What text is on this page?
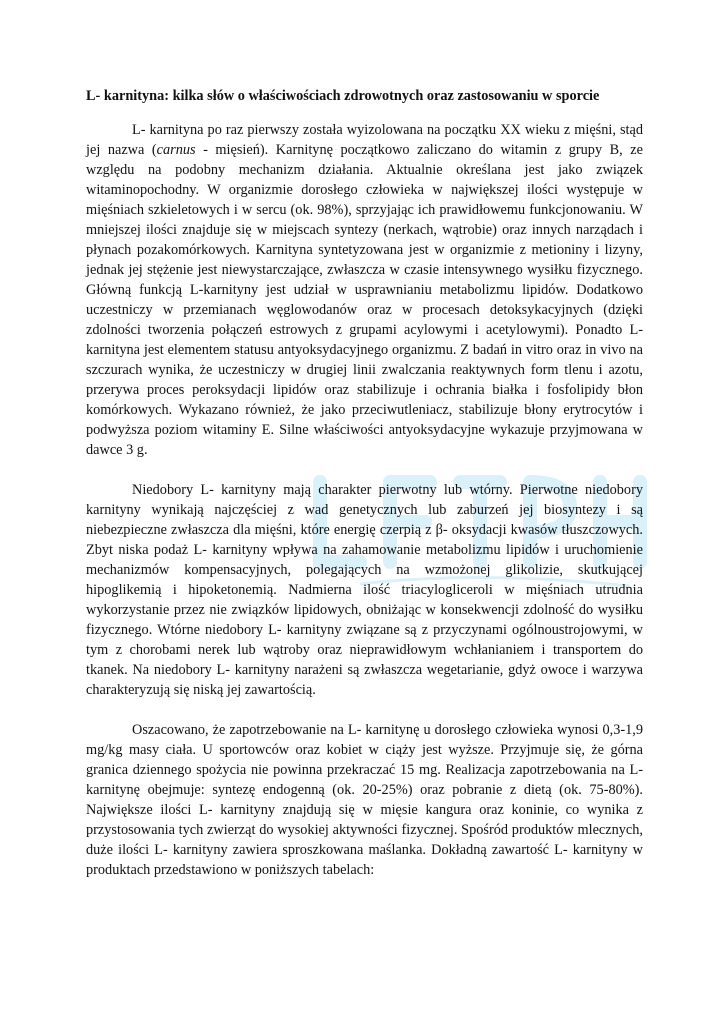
L- karnityna: kilka słów o właściwościach zdrowotnych oraz zastosowaniu w sporcie

L- karnityna po raz pierwszy została wyizolowana na początku XX wieku z mięśni, stąd jej nazwa (carnus - mięsień). Karnitynę początkowo zaliczano do witamin z grupy B, ze względu na podobny mechanizm działania. Aktualnie określana jest jako związek witaminopochodny. W organizmie dorosłego człowieka w największej ilości występuje w mięśniach szkieletowych i w sercu (ok. 98%), sprzyjając ich prawidłowemu funkcjonowaniu. W mniejszej ilości znajduje się w miejscach syntezy (nerkach, wątrobie) oraz innych narządach i płynach pozakomórkowych. Karnityna syntetyzowana jest w organizmie z metioniny i lizyny, jednak jej stężenie jest niewystarczające, zwłaszcza w czasie intensywnego wysiłku fizycznego. Główną funkcją L-karnityny jest udział w usprawnianiu metabolizmu lipidów. Dodatkowo uczestniczy w przemianach węglowodanów oraz w procesach detoksykacyjnych (dzięki zdolności tworzenia połączeń estrowych z grupami acylowymi i acetylowymi). Ponadto L- karnityna jest elementem statusu antyoksydacyjnego organizmu. Z badań in vitro oraz in vivo na szczurach wynika, że uczestniczy w drugiej linii zwalczania reaktywnych form tlenu i azotu, przerywa proces peroksydacji lipidów oraz stabilizuje i ochrania białka i fosfolipidy błon komórkowych. Wykazano również, że jako przeciwutleniacz, stabilizuje błony erytrocytów i podwyższa poziom witaminy E. Silne właściwości antyoksydacyjne wykazuje przyjmowana w dawce 3 g.

Niedobory L- karnityny mają charakter pierwotny lub wtórny. Pierwotne niedobory karnityny wynikają najczęściej z wad genetycznych lub zaburzeń jej biosyntezy i są niebezpieczne zwłaszcza dla mięśni, które energię czerpią z β- oksydacji kwasów tłuszczowych. Zbyt niska podaż L- karnityny wpływa na zahamowanie metabolizmu lipidów i uruchomienie mechanizmów kompensacyjnych, polegających na wzmożonej glikolizie, skutkującej hipoglikemią i hipoketonemią. Nadmierna ilość triacylogliceroli w mięśniach utrudnia wykorzystanie przez nie związków lipidowych, obniżając w konsekwencji zdolność do wysiłku fizycznego. Wtórne niedobory L- karnityny związane są z przyczynami ogólnoustrojowymi, w tym z chorobami nerek lub wątroby oraz nieprawidłowym wchłanianiem i transportem do tkanek. Na niedobory L- karnityny narażeni są zwłaszcza wegetarianie, gdyż owoce i warzywa charakteryzują się niską jej zawartością.

Oszacowano, że zapotrzebowanie na L- karnitynę u dorosłego człowieka wynosi 0,3-1,9 mg/kg masy ciała. U sportowców oraz kobiet w ciąży jest wyższe. Przyjmuje się, że górna granica dziennego spożycia nie powinna przekraczać 15 mg. Realizacja zapotrzebowania na L- karnitynę obejmuje: syntezę endogenną (ok. 20-25%) oraz pobranie z dietą (ok. 75-80%). Największe ilości L- karnityny znajdują się w mięsie kangura oraz koninie, co wynika z przystosowania tych zwierząt do wysokiej aktywności fizycznej. Spośród produktów mlecznych, duże ilości L- karnityny zawiera sproszkowana maślanka. Dokładną zawartość L- karnityny w produktach przedstawiono w poniższych tabelach:
